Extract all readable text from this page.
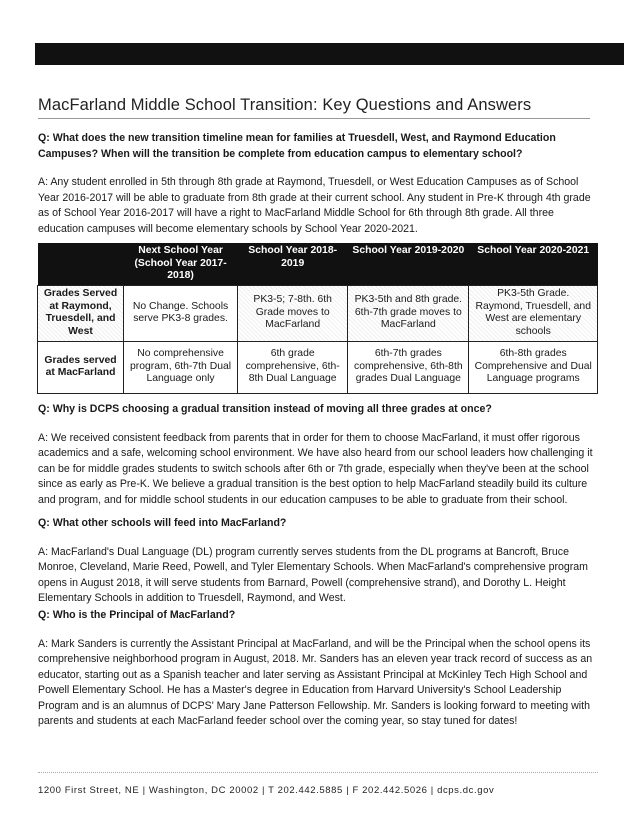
MacFarland Middle School Transition: Key Questions and Answers
Q: What does the new transition timeline mean for families at Truesdell, West, and Raymond Education Campuses? When will the transition be complete from education campus to elementary school?
A: Any student enrolled in 5th through 8th grade at Raymond, Truesdell, or West Education Campuses as of School Year 2016-2017 will be able to graduate from 8th grade at their current school. Any student in Pre-K through 4th grade as of School Year 2016-2017 will have a right to MacFarland Middle School for 6th through 8th grade. All three education campuses will become elementary schools by School Year 2020-2021.
	Next School Year (School Year 2017-2018)	School Year 2018-2019	School Year 2019-2020	School Year 2020-2021
Grades Served at Raymond, Truesdell, and West	No Change. Schools serve PK3-8 grades.	PK3-5; 7-8th. 6th Grade moves to MacFarland	PK3-5th and 8th grade. 6th-7th grade moves to MacFarland	PK3-5th Grade. Raymond, Truesdell, and West are elementary schools
Grades served at MacFarland	No comprehensive program, 6th-7th Dual Language only	6th grade comprehensive, 6th-8th Dual Language	6th-7th grades comprehensive, 6th-8th grades Dual Language	6th-8th grades Comprehensive and Dual Language programs
Q: Why is DCPS choosing a gradual transition instead of moving all three grades at once?
A: We received consistent feedback from parents that in order for them to choose MacFarland, it must offer rigorous academics and a safe, welcoming school environment. We have also heard from our school leaders how challenging it can be for middle grades students to switch schools after 6th or 7th grade, especially when they've been at the school since as early as Pre-K. We believe a gradual transition is the best option to help MacFarland steadily build its culture and program, and for middle school students in our education campuses to be able to graduate from their school.
Q: What other schools will feed into MacFarland?
A: MacFarland's Dual Language (DL) program currently serves students from the DL programs at Bancroft, Bruce Monroe, Cleveland, Marie Reed, Powell, and Tyler Elementary Schools. When MacFarland's comprehensive program opens in August 2018, it will serve students from Barnard, Powell (comprehensive strand), and Dorothy L. Height Elementary Schools in addition to Truesdell, Raymond, and West.
Q: Who is the Principal of MacFarland?
A: Mark Sanders is currently the Assistant Principal at MacFarland, and will be the Principal when the school opens its comprehensive neighborhood program in August, 2018. Mr. Sanders has an eleven year track record of success as an educator, starting out as a Spanish teacher and later serving as Assistant Principal at McKinley Tech High School and Powell Elementary School. He has a Master's degree in Education from Harvard University's School Leadership Program and is an alumnus of DCPS' Mary Jane Patterson Fellowship. Mr. Sanders is looking forward to meeting with parents and students at each MacFarland feeder school over the coming year, so stay tuned for dates!
1200 First Street, NE | Washington, DC 20002 | T 202.442.5885 | F 202.442.5026 | dcps.dc.gov
